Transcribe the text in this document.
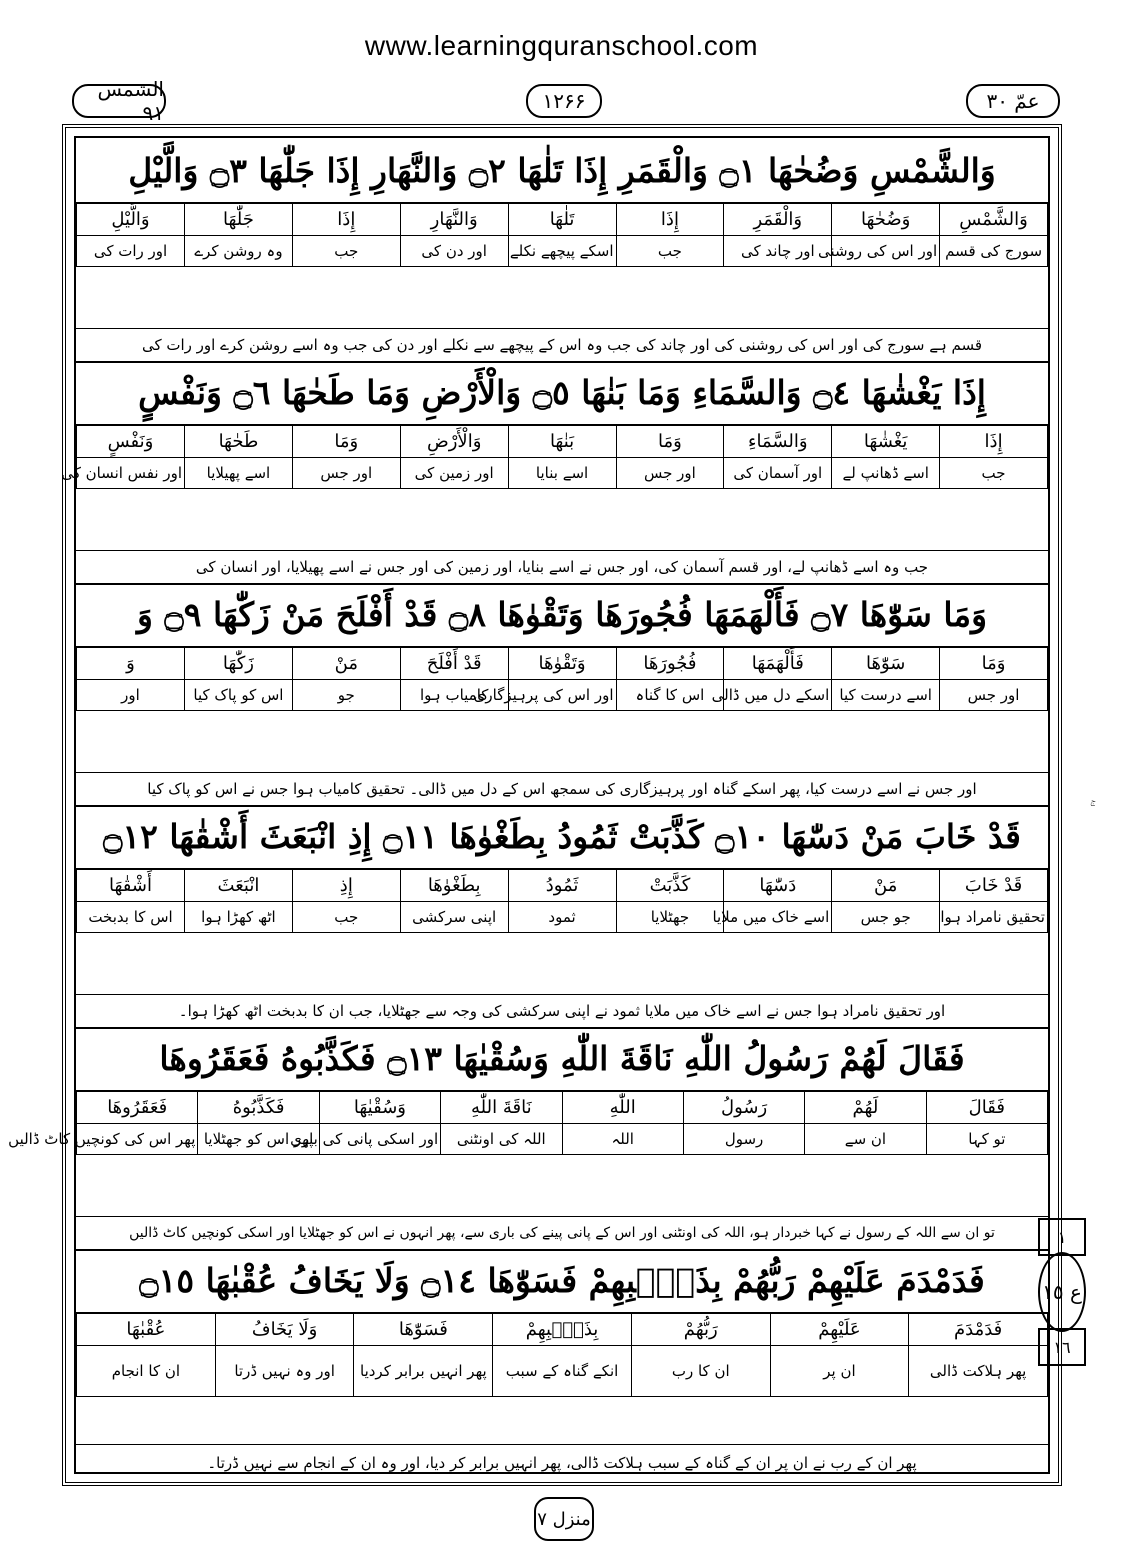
www.learningquranschool.com
الشمس ۹۱	۱۲۶۶	عمّ ۳۰
وَالشَّمْسِ وَضُحٰهَا ۝١ وَالْقَمَرِ إِذَا تَلٰهَا ۝٢ وَالنَّهَارِ إِذَا جَلّٰهَا ۝٣ وَالَّيْلِ
وَالشَّمْسِ	وَضُحٰهَا	وَالْقَمَرِ	إِذَا	تَلٰهَا	وَالنَّهَارِ	إِذَا	جَلّٰهَا	وَالَّيْلِ
سورج کی قسم	اور اس کی روشنی	اور چاند کی	جب	اسکے پیچھے نکلے	اور دن کی	جب	وہ روشن کرے	اور رات کی
قسم ہے سورج کی اور اس کی روشنی کی اور چاند کی جب وہ اس کے پیچھے سے نکلے اور دن کی جب وہ اسے روشن کرے اور رات کی
إِذَا يَغْشٰهَا ۝٤ وَالسَّمَاءِ وَمَا بَنٰهَا ۝٥ وَالْأَرْضِ وَمَا طَحٰهَا ۝٦ وَنَفْسٍ
إِذَا	يَغْشٰهَا	وَالسَّمَاءِ	وَمَا	بَنٰهَا	وَالْأَرْضِ	وَمَا	طَحٰهَا	وَنَفْسٍ
جب	اسے ڈھانپ لے	اور آسمان کی	اور جس	اسے بنایا	اور زمین کی	اور جس	اسے پھیلایا	اور نفس انسان کی
جب وہ اسے ڈھانپ لے، اور قسم آسمان کی، اور جس نے اسے بنایا، اور زمین کی اور جس نے اسے پھیلایا، اور انسان کی
وَمَا سَوّٰهَا ۝٧ فَأَلْهَمَهَا فُجُورَهَا وَتَقْوٰهَا ۝٨ قَدْ أَفْلَحَ مَنْ زَكّٰهَا ۝٩ وَ
وَمَا	سَوّٰهَا	فَأَلْهَمَهَا	فُجُورَهَا	وَتَقْوٰهَا	قَدْ أَفْلَحَ	مَنْ	زَكّٰهَا	وَ
اور جس	اسے درست کیا	اسکے دل میں ڈالی	اس کا گناہ	اور اس کی پرہیزگاری	کامیاب ہوا	جو	اس کو پاک کیا	اور
اور جس نے اسے درست کیا، پھر اسکے گناہ اور پرہیزگاری کی سمجھ اس کے دل میں ڈالی۔ تحقیق کامیاب ہوا جس نے اس کو پاک کیا
قَدْ خَابَ مَنْ دَسّٰهَا ۝١٠ كَذَّبَتْ ثَمُودُ بِطَغْوٰهَا ۝١١ إِذِ انْبَعَثَ أَشْقٰهَا ۝١٢
قَدْ خَابَ	مَنْ	دَسّٰهَا	كَذَّبَتْ	ثَمُودُ	بِطَغْوٰهَا	إِذِ	انْبَعَثَ	أَشْقٰهَا
تحقیق نامراد ہوا	جو جس	اسے خاک میں ملایا	جھٹلایا	ثمود	اپنی سرکشی	جب	اٹھ کھڑا ہوا	اس کا بدبخت
اور تحقیق نامراد ہوا جس نے اسے خاک میں ملایا ثمود نے اپنی سرکشی کی وجہ سے جھٹلایا، جب ان کا بدبخت اٹھ کھڑا ہوا۔
فَقَالَ لَهُمْ رَسُولُ اللّٰهِ نَاقَةَ اللّٰهِ وَسُقْيٰهَا ۝١٣ فَكَذَّبُوهُ فَعَقَرُوهَا
فَقَالَ	لَهُمْ	رَسُولُ	اللّٰهِ	نَاقَةَ اللّٰهِ	وَسُقْيٰهَا	فَكَذَّبُوهُ	فَعَقَرُوهَا
تو کہا	ان سے	رسول	اللہ	اللہ کی اونٹنی	اور اسکی پانی کی باری	پھر اس کو جھٹلایا	پھر اس کی کونچیں کاٹ ڈالیں
تو ان سے اللہ کے رسول نے کہا خبردار ہو، اللہ کی اونٹنی اور اس کے پانی پینے کی باری سے، پھر انہوں نے اس کو جھٹلایا اور اسکی کونچیں کاٹ ڈالیں
فَدَمْدَمَ عَلَيْهِمْ رَبُّهُمْ بِذَنْۢبِهِمْ فَسَوّٰهَا ۝١٤ وَلَا يَخَافُ عُقْبٰهَا ۝١٥
فَدَمْدَمَ	عَلَيْهِمْ	رَبُّهُمْ	بِذَنْۢبِهِمْ	فَسَوّٰهَا	وَلَا يَخَافُ	عُقْبٰهَا
پھر ہلاکت ڈالی	ان پر	ان کا رب	انکے گناہ کے سبب	پھر انہیں برابر کردیا	اور وہ نہیں ڈرتا	ان کا انجام
پھر ان کے رب نے ان پر ان کے گناہ کے سبب ہلاکت ڈالی، پھر انہیں برابر کر دیا، اور وہ ان کے انجام سے نہیں ڈرتا۔
١
ع ١٥
١٦
منزل ۷
